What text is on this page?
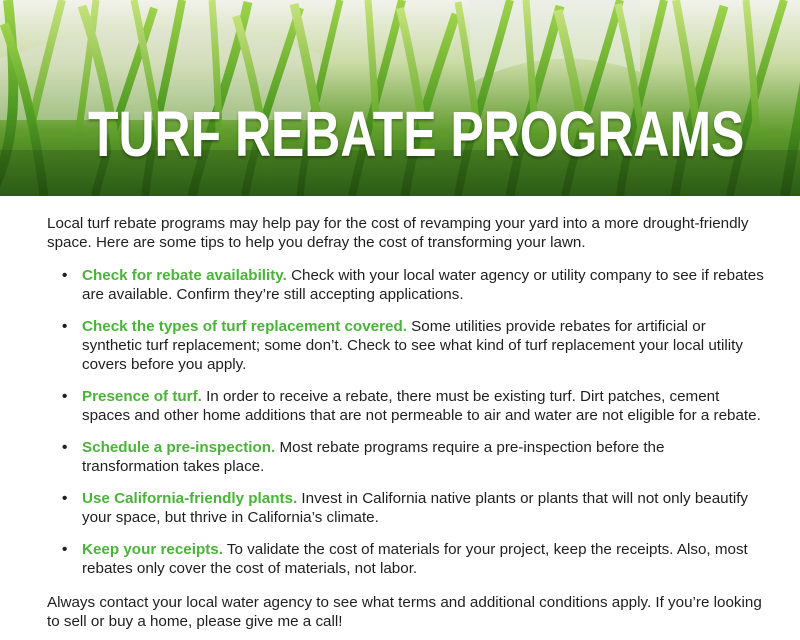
TURF REBATE PROGRAMS

Local turf rebate programs may help pay for the cost of revamping your yard into a more drought-friendly space. Here are some tips to help you defray the cost of transforming your lawn.

• Check for rebate availability. Check with your local water agency or utility company to see if rebates are available. Confirm they’re still accepting applications.
• Check the types of turf replacement covered. Some utilities provide rebates for artificial or synthetic turf replacement; some don’t. Check to see what kind of turf replacement your local utility covers before you apply.
• Presence of turf. In order to receive a rebate, there must be existing turf. Dirt patches, cement spaces and other home additions that are not permeable to air and water are not eligible for a rebate.
• Schedule a pre-inspection. Most rebate programs require a pre-inspection before the transformation takes place.
• Use California-friendly plants. Invest in California native plants or plants that will not only beautify your space, but thrive in California’s climate.
• Keep your receipts. To validate the cost of materials for your project, keep the receipts. Also, most rebates only cover the cost of materials, not labor.

Always contact your local water agency to see what terms and additional conditions apply. If you’re looking to sell or buy a home, please give me a call!
